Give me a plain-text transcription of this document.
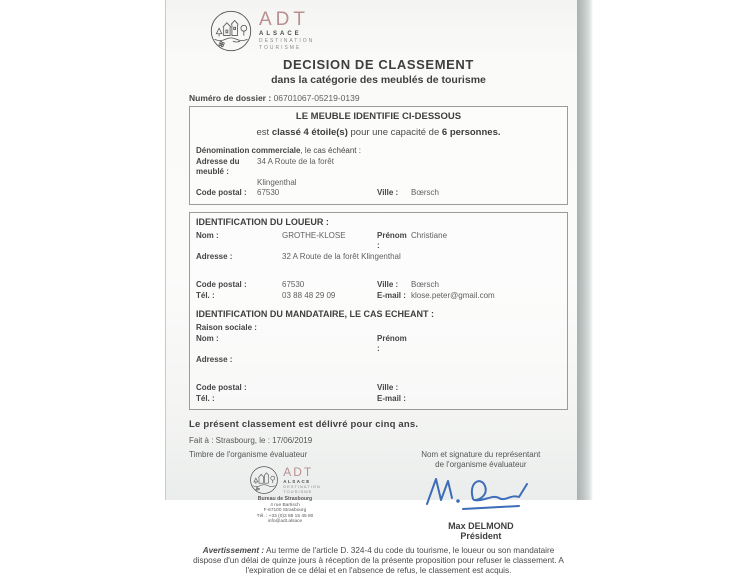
ADT
ALSACE
DESTINATION
TOURISME
DECISION DE CLASSEMENT
dans la catégorie des meublés de tourisme
Numéro de dossier : 06701067-05219-0139
LE MEUBLE IDENTIFIE CI-DESSOUS
est classé 4 étoile(s) pour une capacité de 6 personnes.
Dénomination commerciale, le cas échéant :
Adresse du meublé :
34 A Route de la forêt
Klingenthal
Code postal :	67530	Ville :	Bœrsch
IDENTIFICATION DU LOUEUR :
Nom :	GROTHE-KLOSE	Prénom :
Christiane
Adresse :	32 A Route de la forêt Klingenthal
Code postal :	67530	Ville :	Bœrsch
Tél. :	03 88 48 29 09	E-mail : klose.peter@gmail.com
IDENTIFICATION DU MANDATAIRE, LE CAS ECHEANT :
Raison sociale :
Nom :	Prénom :
Adresse :
Code postal :	Ville :
Tél. :	E-mail :
Le présent classement est délivré pour cinq ans.
Fait à : Strasbourg, le : 17/06/2019
Timbre de l'organisme évaluateur
ADT
ALSACE
DESTINATION
TOURISME
Bureau de Strasbourg
4 rue Bartisch
F-67100 Strasbourg
Tél. : +33 (0)3 88 15 45 80
info@adt.alsace
Nom et signature du représentant
de l'organisme évaluateur
Max DELMOND
Président
Avertissement : Au terme de l'article D. 324-4 du code du tourisme, le loueur ou son mandataire dispose d'un délai de quinze jours à réception de la présente proposition pour refuser le classement. A l'expiration de ce délai et en l'absence de refus, le classement est acquis.
